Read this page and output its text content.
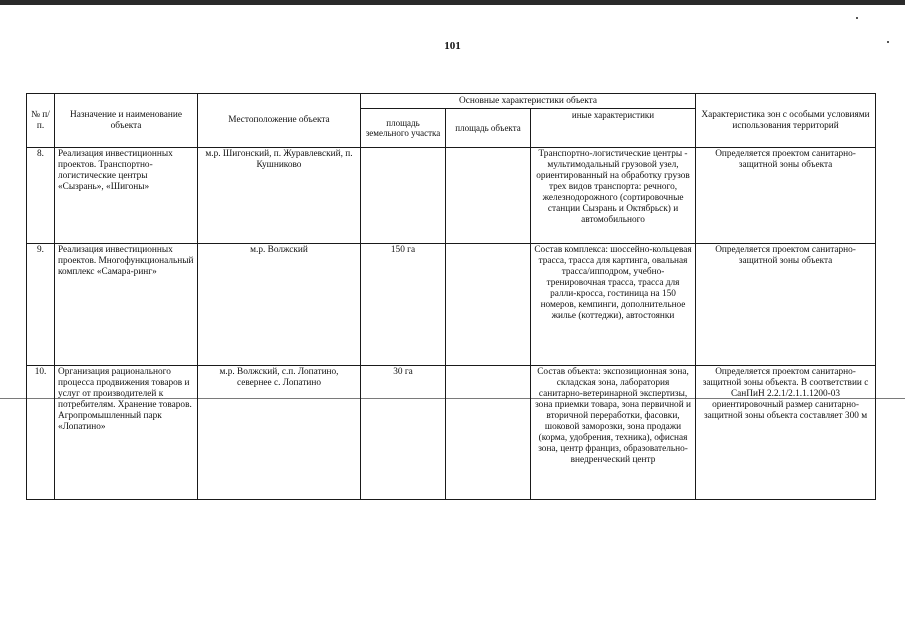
101
№ п/п.	Назначение и наименование объекта	Местоположение объекта	Основные характеристики объекта			Характеристика зон с особыми условиями использования территорий
			площадь земельного участка	площадь объекта	иные характеристики	
8.	Реализация инвестиционных проектов. Транспортно-логистические центры «Сызрань», «Шигоны»	м.р. Шигонский, п. Журавлевский, п. Кушниково			Транспортно-логистические центры - мультимодальный грузовой узел, ориентированный на обработку грузов трех видов транспорта: речного, железнодорожного (сортировочные станции Сызрань и Октябрьск) и автомобильного	Определяется проектом санитарно-защитной зоны объекта
9.	Реализация инвестиционных проектов. Многофункциональный комплекс «Самара-ринг»	м.р. Волжский	150 га		Состав комплекса: шоссейно-кольцевая трасса, трасса для картинга, овальная трасса/ипподром, учебно-тренировочная трасса, трасса для ралли-кросса, гостиница на 150 номеров, кемпинги, дополнительное жилье (коттеджи), автостоянки	Определяется проектом санитарно-защитной зоны объекта
10.	Организация рационального процесса продвижения товаров и услуг от производителей к потребителям. Хранение товаров. Агропромышленный парк «Лопатино»	м.р. Волжский, с.п. Лопатино, севернее с. Лопатино	30 га		Состав объекта: экспозиционная зона, складская зона, лаборатория санитарно-ветеринарной экспертизы, зона приемки товара, зона первичной и вторичной переработки, фасовки, шоковой заморозки, зона продажи (корма, удобрения, техника), офисная зона, центр франциз, образовательно-внедренческий центр	Определяется проектом санитарно-защитной зоны объекта. В соответствии с СанПиН 2.2.1/2.1.1.1200-03 ориентировочный размер санитарно-защитной зоны объекта составляет 300 м
